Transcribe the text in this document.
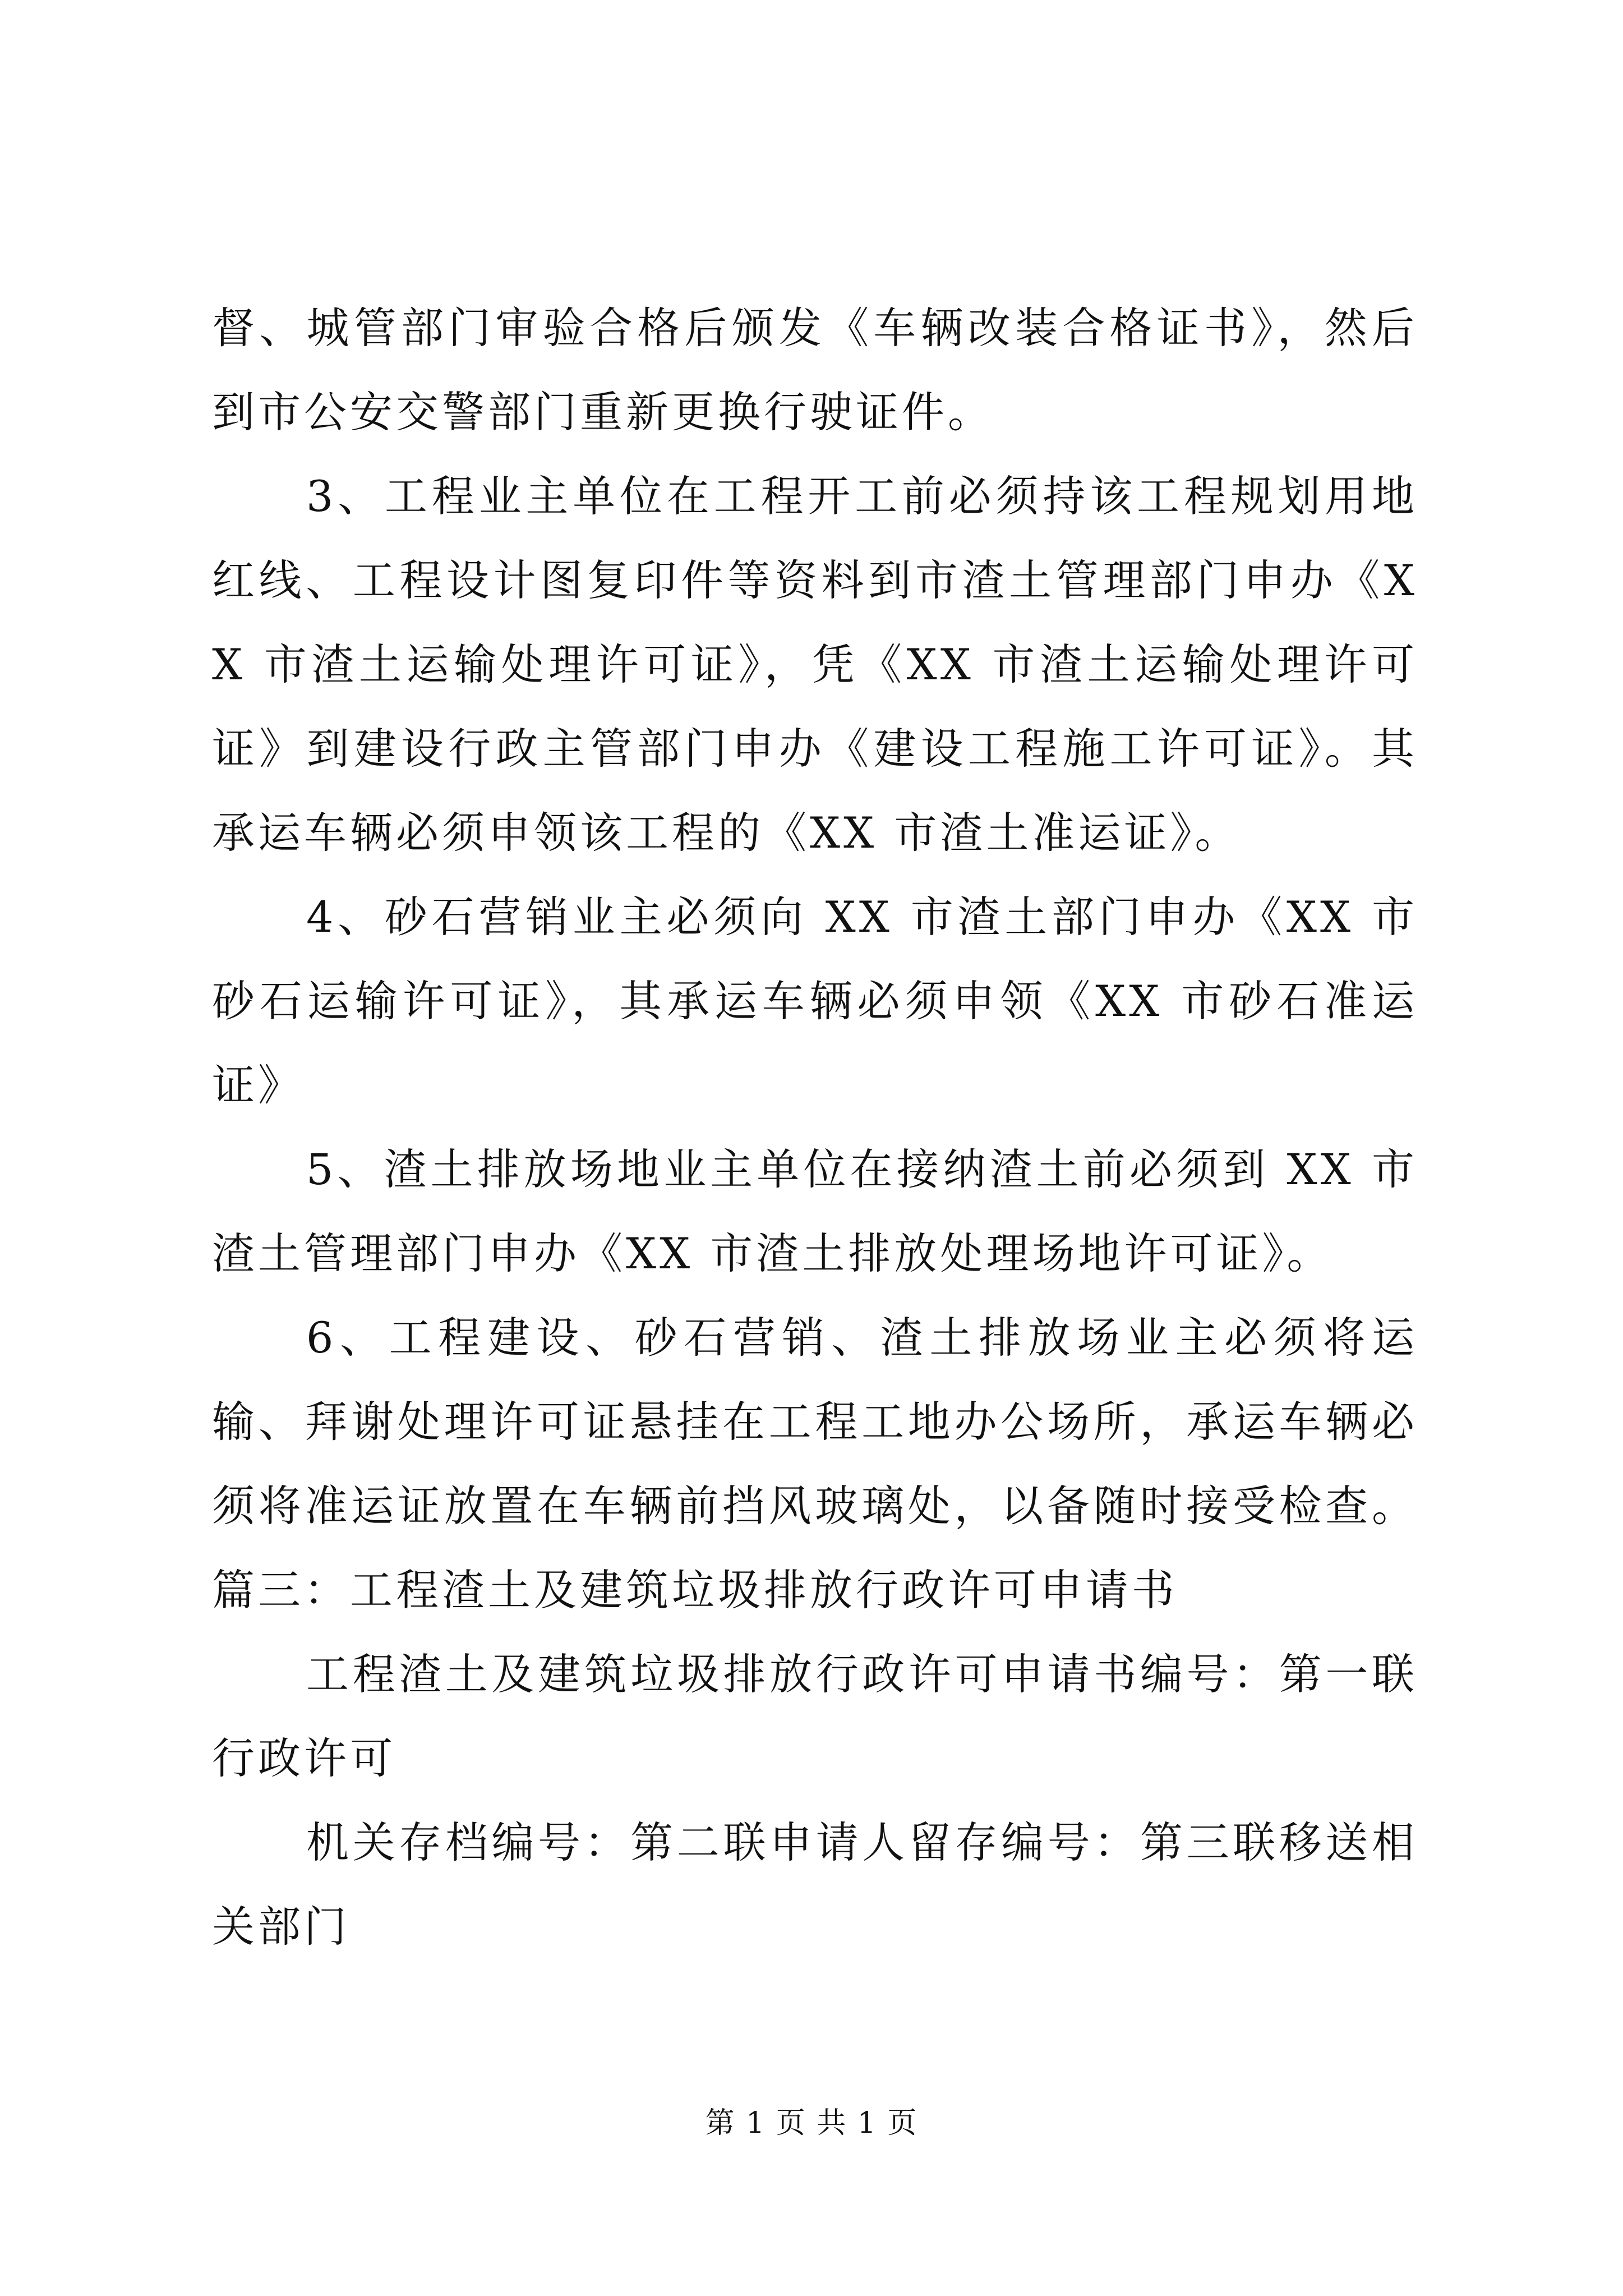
督、城管部门审验合格后颁发《车辆改装合格证书》，然后到市公安交警部门重新更换行驶证件。

3、工程业主单位在工程开工前必须持该工程规划用地红线、工程设计图复印件等资料到市渣土管理部门申办《XX 市渣土运输处理许可证》，凭《XX 市渣土运输处理许可证》到建设行政主管部门申办《建设工程施工许可证》。其承运车辆必须申领该工程的《XX 市渣土准运证》。

4、砂石营销业主必须向 XX 市渣土部门申办《XX 市砂石运输许可证》，其承运车辆必须申领《XX 市砂石准运证》

5、渣土排放场地业主单位在接纳渣土前必须到 XX 市渣土管理部门申办《XX 市渣土排放处理场地许可证》。

6、工程建设、砂石营销、渣土排放场业主必须将运输、拜谢处理许可证悬挂在工程工地办公场所，承运车辆必须将准运证放置在车辆前挡风玻璃处，以备随时接受检查。篇三：工程渣土及建筑垃圾排放行政许可申请书

工程渣土及建筑垃圾排放行政许可申请书编号：第一联行政许可

机关存档编号：第二联申请人留存编号：第三联移送相关部门

第 1 页 共 1 页
